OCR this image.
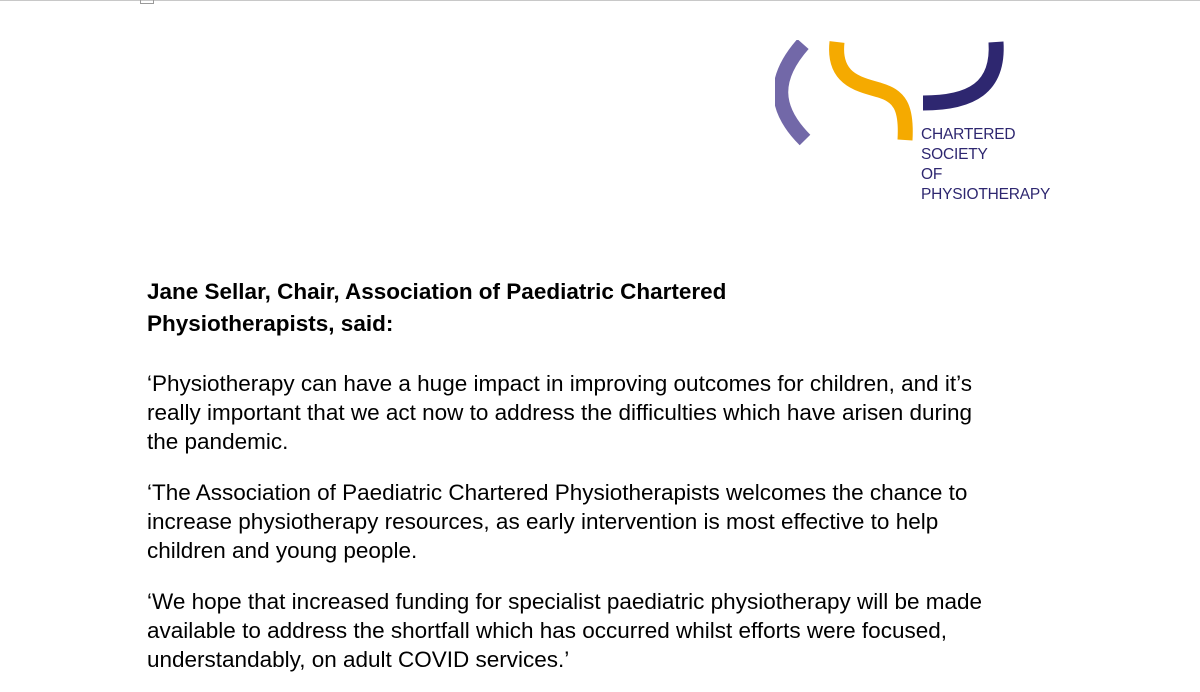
CHARTERED
SOCIETY
OF
PHYSIOTHERAPY
Jane Sellar, Chair, Association of Paediatric Chartered
Physiotherapists, said:
‘Physiotherapy can have a huge impact in improving outcomes for children, and it’s
really important that we act now to address the difficulties which have arisen during
the pandemic.
‘The Association of Paediatric Chartered Physiotherapists welcomes the chance to
increase physiotherapy resources, as early intervention is most effective to help
children and young people.
‘We hope that increased funding for specialist paediatric physiotherapy will be made
available to address the shortfall which has occurred whilst efforts were focused,
understandably, on adult COVID services.’
